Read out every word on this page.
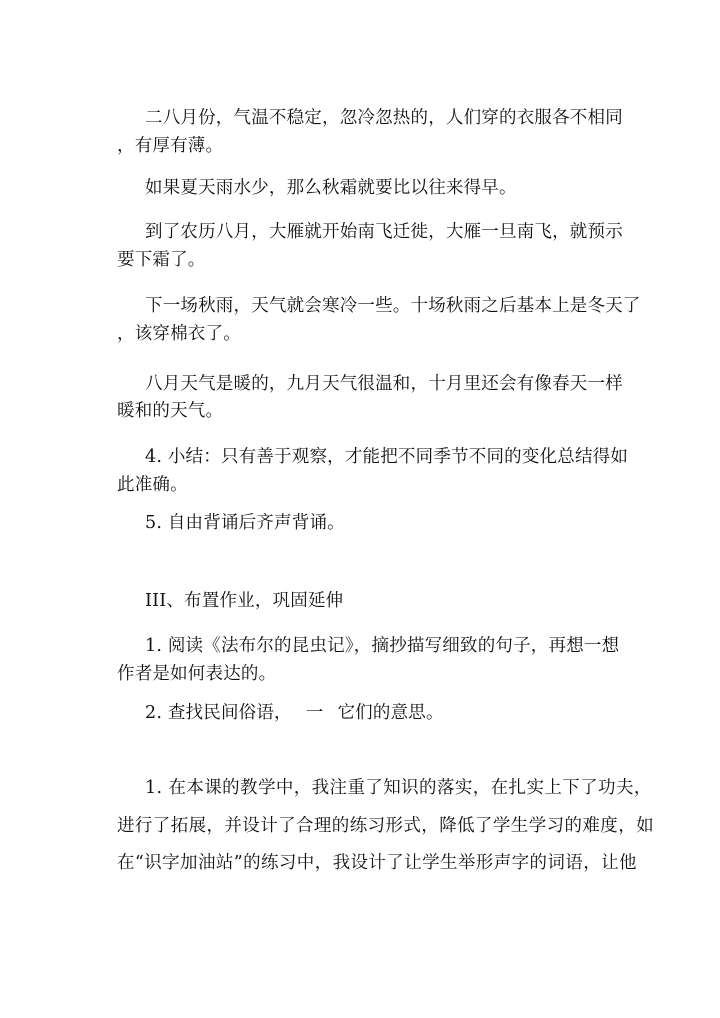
二八月份，气温不稳定，忽冷忽热的，人们穿的衣服各不相同

，有厚有薄。

如果夏天雨水少，那么秋霜就要比以往来得早。

到了农历八月，大雁就开始南飞迁徙，大雁一旦南飞，就预示

要下霜了。

下一场秋雨，天气就会寒冷一些。十场秋雨之后基本上是冬天了

，该穿棉衣了。

八月天气是暖的，九月天气很温和，十月里还会有像春天一样

暖和的天气。

4. 小结：只有善于观察，才能把不同季节不同的变化总结得如

此准确。

5. 自由背诵后齐声背诵。

III、布置作业，巩固延伸

1. 阅读《法布尔的昆虫记》，摘抄描写细致的句子，再想一想

作者是如何表达的。

2. 查找民间俗语， 一 它们的意思。

1. 在本课的教学中，我注重了知识的落实，在扎实上下了功夫，

进行了拓展，并设计了合理的练习形式，降低了学生学习的难度，如

在“识字加油站”的练习中，我设计了让学生举形声字的词语，让他
